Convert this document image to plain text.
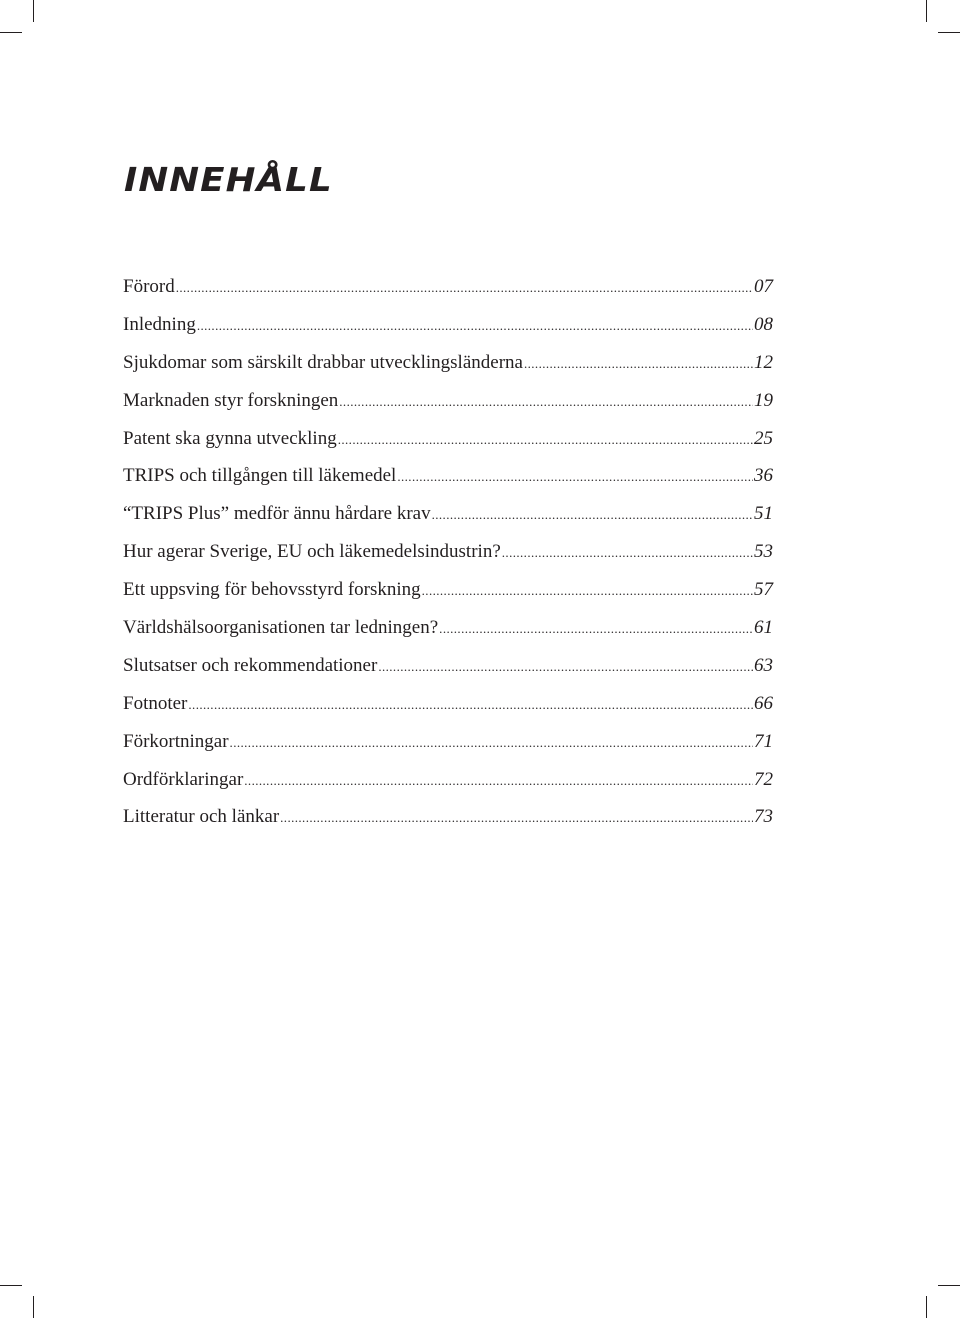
INNEHÅLL
Förord .....	07
Inledning .....	08
Sjukdomar som särskilt drabbar utvecklingsländerna .....	12
Marknaden styr forskningen .....	19
Patent ska gynna utveckling .....	25
TRIPS och tillgången till läkemedel .....	36
“TRIPS Plus” medför ännu hårdare krav .....	51
Hur agerar Sverige, EU och läkemedelsindustrin? .....	53
Ett uppsving för behovsstyrd forskning .....	57
Världshälsoorganisationen tar ledningen? .....	61
Slutsatser och rekommendationer .....	63
Fotnoter .....	66
Förkortningar .....	71
Ordförklaringar .....	72
Litteratur och länkar .....	73
